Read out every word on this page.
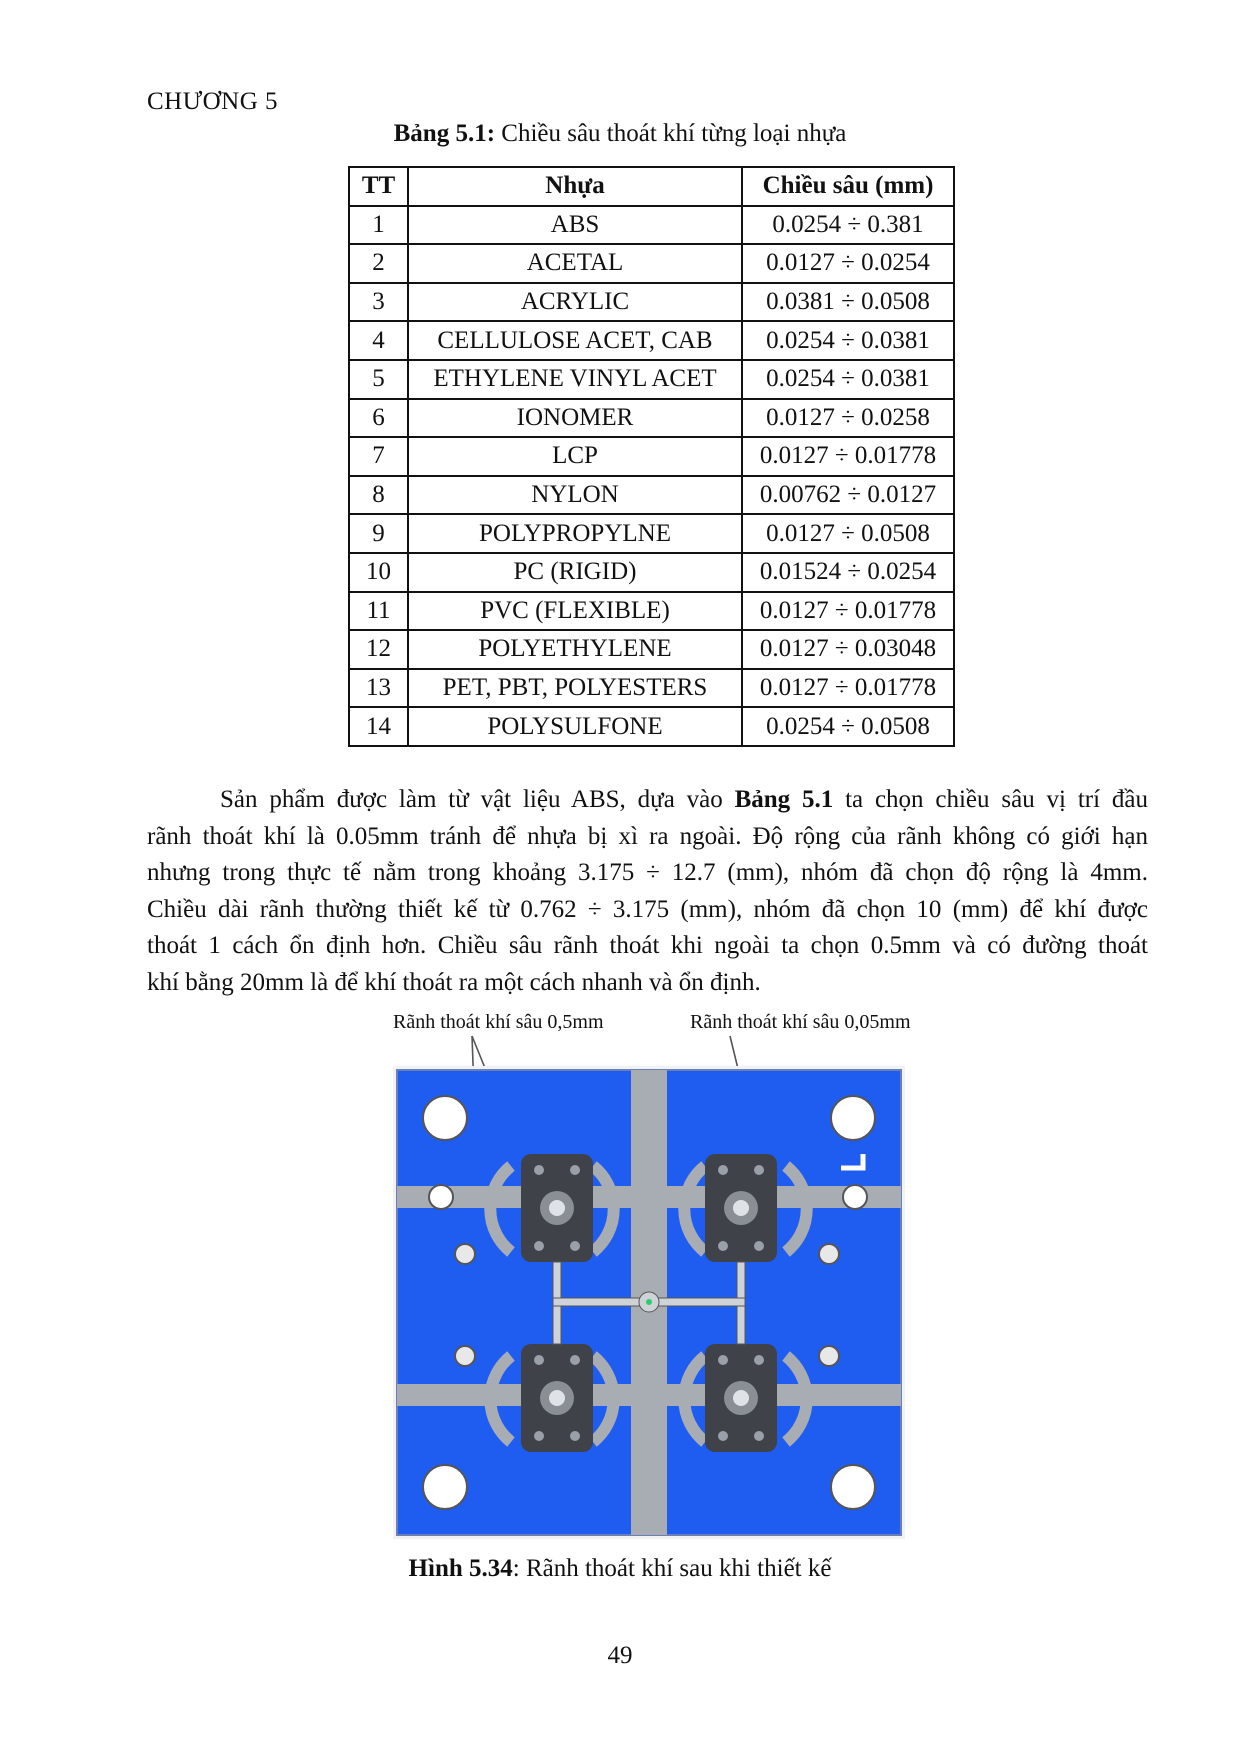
CHƯƠNG 5
Bảng 5.1: Chiều sâu thoát khí từng loại nhựa
TT	Nhựa	Chiều sâu (mm)
1	ABS	0.0254 ÷ 0.381
2	ACETAL	0.0127 ÷ 0.0254
3	ACRYLIC	0.0381 ÷ 0.0508
4	CELLULOSE ACET, CAB	0.0254 ÷ 0.0381
5	ETHYLENE VINYL ACET	0.0254 ÷ 0.0381
6	IONOMER	0.0127 ÷ 0.0258
7	LCP	0.0127 ÷ 0.01778
8	NYLON	0.00762 ÷ 0.0127
9	POLYPROPYLNE	0.0127 ÷ 0.0508
10	PC (RIGID)	0.01524 ÷ 0.0254
11	PVC (FLEXIBLE)	0.0127 ÷ 0.01778
12	POLYETHYLENE	0.0127 ÷ 0.03048
13	PET, PBT, POLYESTERS	0.0127 ÷ 0.01778
14	POLYSULFONE	0.0254 ÷ 0.0508
Sản phẩm được làm từ vật liệu ABS, dựa vào Bảng 5.1 ta chọn chiều sâu vị trí đầu
rãnh thoát khí là 0.05mm tránh để nhựa bị xì ra ngoài. Độ rộng của rãnh không có giới hạn
nhưng trong thực tế nằm trong khoảng 3.175 ÷ 12.7 (mm), nhóm đã chọn độ rộng là 4mm.
Chiều dài rãnh thường thiết kế từ 0.762 ÷ 3.175 (mm), nhóm đã chọn 10 (mm) để khí được
thoát 1 cách ổn định hơn. Chiều sâu rãnh thoát khi ngoài ta chọn 0.5mm và có đường thoát
khí bằng 20mm là để khí thoát ra một cách nhanh và ổn định.
Rãnh thoát khí sâu 0,5mm	Rãnh thoát khí sâu 0,05mm
Hình 5.34: Rãnh thoát khí sau khi thiết kế
49
